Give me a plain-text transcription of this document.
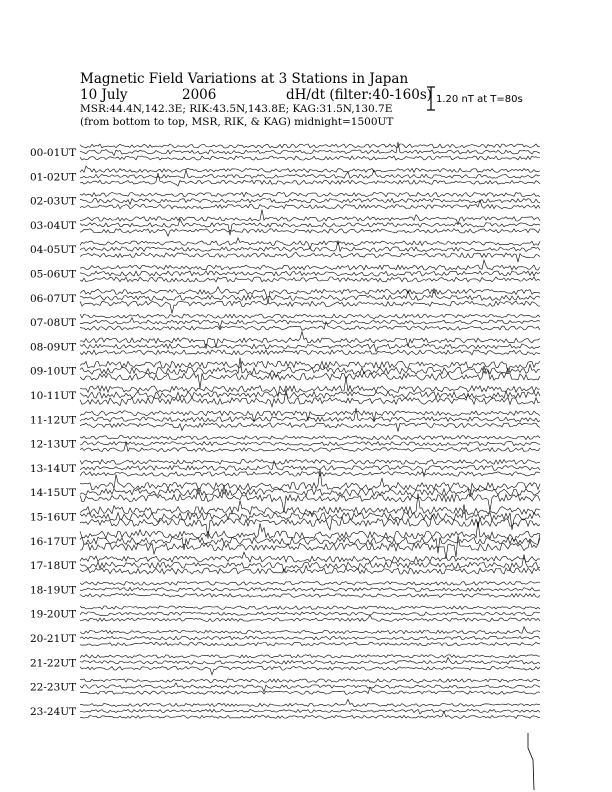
Magnetic Field Variations at 3 Stations in Japan
10 July	2006	dH/dt (filter:40-160s)
MSR:44.4N,142.3E; RIK:43.5N,143.8E; KAG:31.5N,130.7E
(from bottom to top, MSR, RIK, & KAG) midnight=1500UT
1.20 nT at T=80s
00-01UT
01-02UT
02-03UT
03-04UT
04-05UT
05-06UT
06-07UT
07-08UT
08-09UT
09-10UT
10-11UT
11-12UT
12-13UT
13-14UT
14-15UT
15-16UT
16-17UT
17-18UT
18-19UT
19-20UT
20-21UT
21-22UT
22-23UT
23-24UT
